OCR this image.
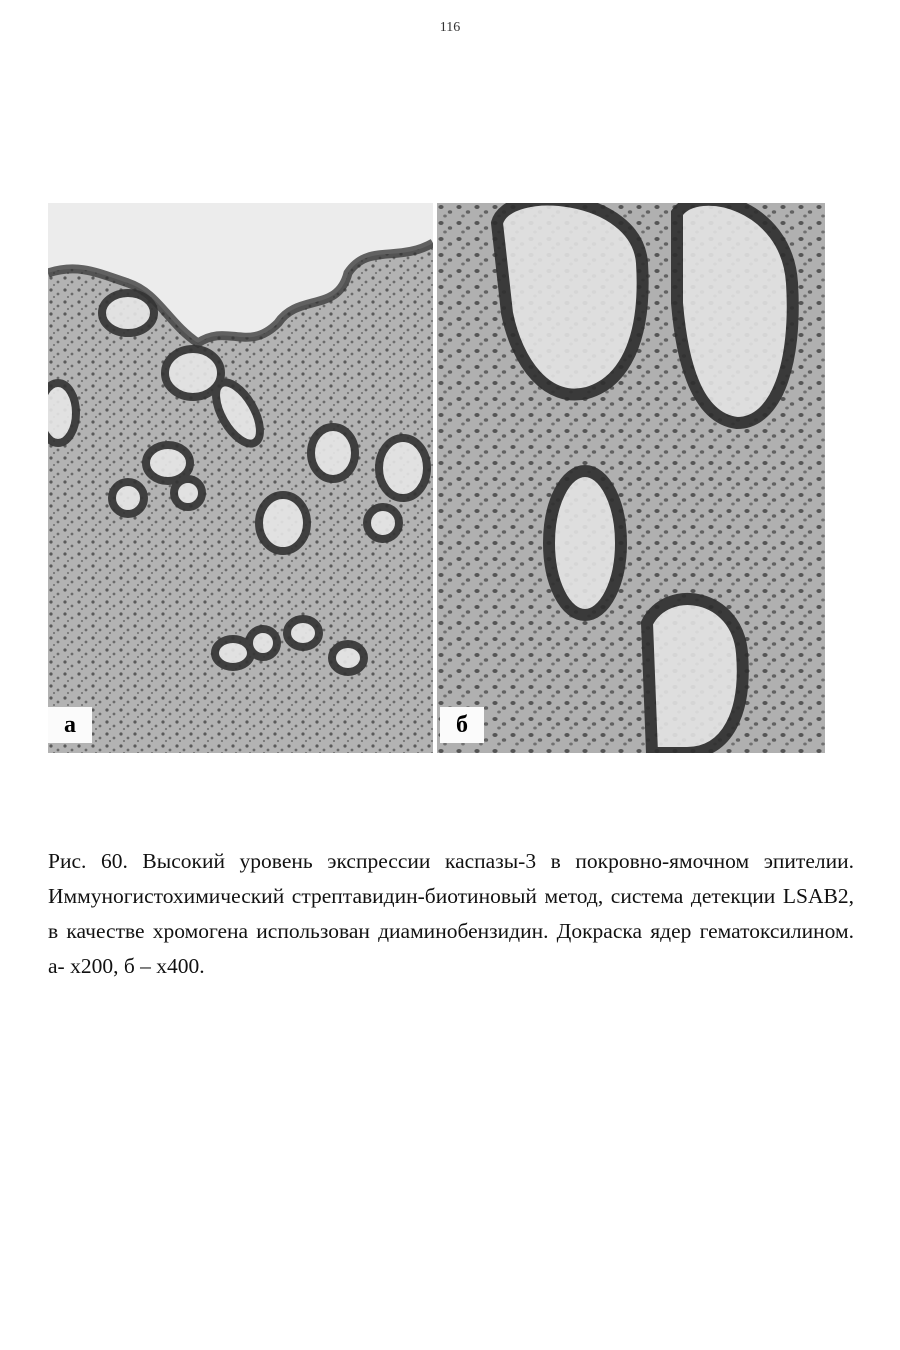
116
а	б

Рис. 60. Высокий уровень экспрессии каспазы-3 в покровно-ямочном эпителии. Иммуногистохимический стрептавидин-биотиновый метод, система детекции LSAB2, в качестве хромогена использован диаминобензидин. Докраска ядер гематоксилином. а- х200, б – х400.
